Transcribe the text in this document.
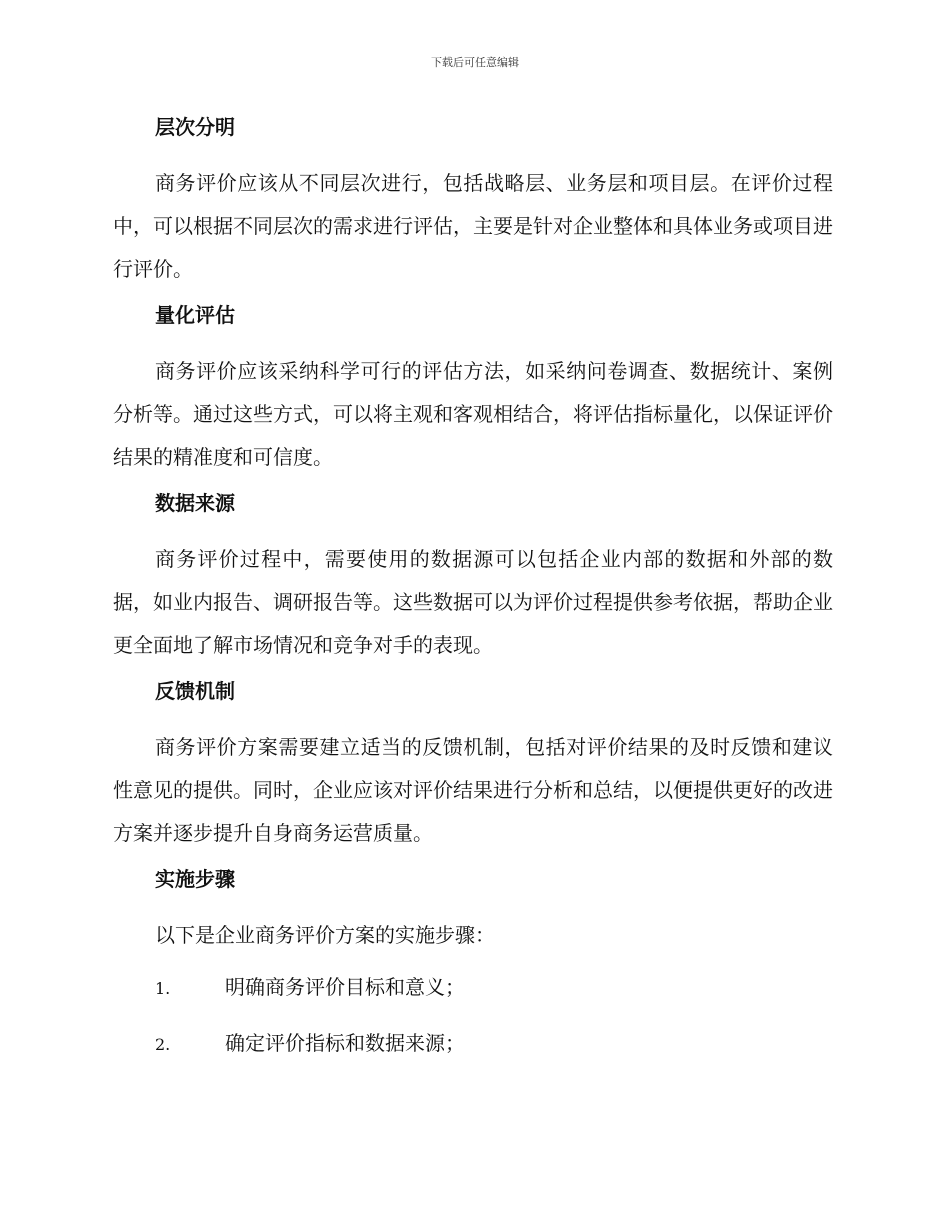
下载后可任意编辑
层次分明

商务评价应该从不同层次进行，包括战略层、业务层和项目层。在评价过程中，可以根据不同层次的需求进行评估，主要是针对企业整体和具体业务或项目进行评价。

量化评估

商务评价应该采纳科学可行的评估方法，如采纳问卷调查、数据统计、案例分析等。通过这些方式，可以将主观和客观相结合，将评估指标量化，以保证评价结果的精准度和可信度。

数据来源

商务评价过程中，需要使用的数据源可以包括企业内部的数据和外部的数据，如业内报告、调研报告等。这些数据可以为评价过程提供参考依据，帮助企业更全面地了解市场情况和竞争对手的表现。

反馈机制

商务评价方案需要建立适当的反馈机制，包括对评价结果的及时反馈和建议性意见的提供。同时，企业应该对评价结果进行分析和总结，以便提供更好的改进方案并逐步提升自身商务运营质量。

实施步骤

以下是企业商务评价方案的实施步骤：

1.	明确商务评价目标和意义；
2.	确定评价指标和数据来源；
